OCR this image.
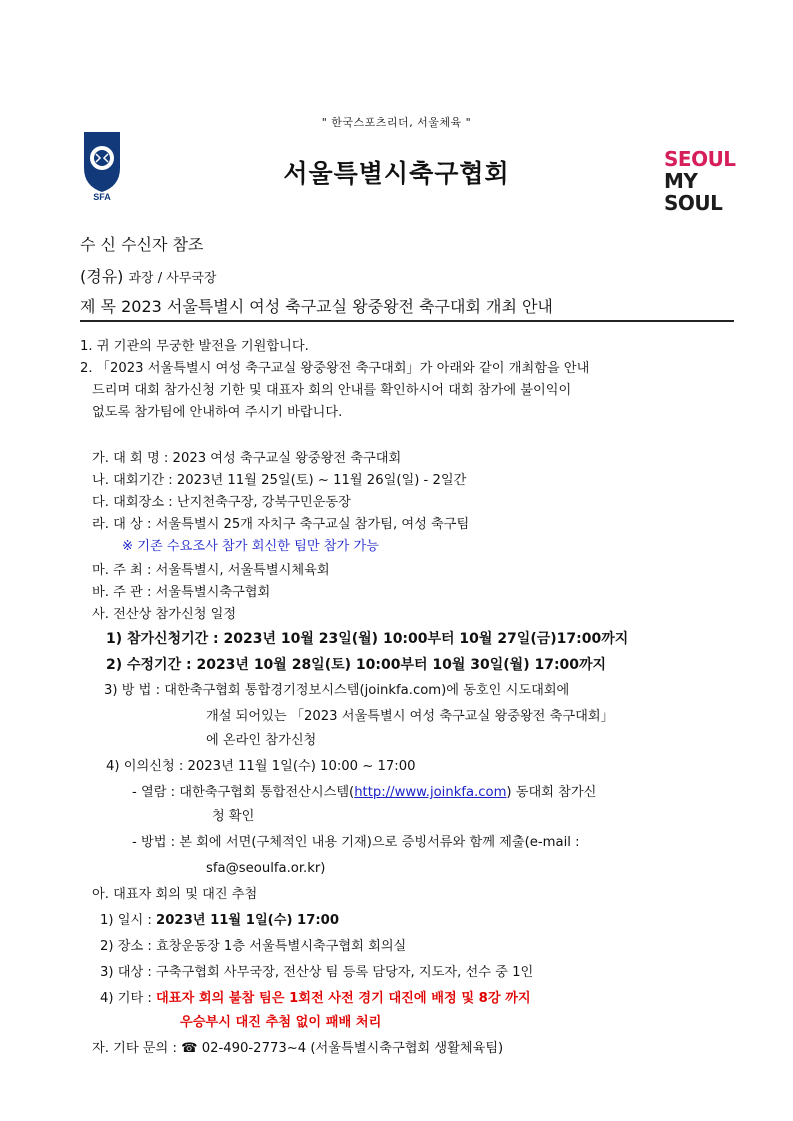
" 한국스포츠리더, 서울체육 "
SFA
서울특별시축구협회	SEOUL
MY SOUL
수 신 수신자 참조
(경유) 과장 / 사무국장
제 목 2023 서울특별시 여성 축구교실 왕중왕전 축구대회 개최 안내
1. 귀 기관의 무궁한 발전을 기원합니다.
2. 「2023 서울특별시 여성 축구교실 왕중왕전 축구대회」가 아래와 같이 개최함을 안내
드리며 대회 참가신청 기한 및 대표자 회의 안내를 확인하시어 대회 참가에 불이익이
없도록 참가팀에 안내하여 주시기 바랍니다.
가. 대 회 명 : 2023 여성 축구교실 왕중왕전 축구대회
나. 대회기간 : 2023년 11월 25일(토) ~ 11월 26일(일) - 2일간
다. 대회장소 : 난지천축구장, 강북구민운동장
라. 대 상 : 서울특별시 25개 자치구 축구교실 참가팀, 여성 축구팀
※ 기존 수요조사 참가 회신한 팀만 참가 가능
마. 주 최 : 서울특별시, 서울특별시체육회
바. 주 관 : 서울특별시축구협회
사. 전산상 참가신청 일정
1) 참가신청기간 : 2023년 10월 23일(월) 10:00부터 10월 27일(금)17:00까지
2) 수정기간 : 2023년 10월 28일(토) 10:00부터 10월 30일(월) 17:00까지
3) 방 법 : 대한축구협회 통합경기정보시스템(joinkfa.com)에 동호인 시도대회에
개설 되어있는 「2023 서울특별시 여성 축구교실 왕중왕전 축구대회」
에 온라인 참가신청
4) 이의신청 : 2023년 11월 1일(수) 10:00 ~ 17:00
- 열람 : 대한축구협회 통합전산시스템(http://www.joinkfa.com) 동대회 참가신
청 확인
- 방법 : 본 회에 서면(구체적인 내용 기재)으로 증빙서류와 함께 제출(e-mail :
sfa@seoulfa.or.kr)
아. 대표자 회의 및 대진 추첨
1) 일시 : 2023년 11월 1일(수) 17:00
2) 장소 : 효창운동장 1층 서울특별시축구협회 회의실
3) 대상 : 구축구협회 사무국장, 전산상 팀 등록 담당자, 지도자, 선수 중 1인
4) 기타 : 대표자 회의 불참 팀은 1회전 사전 경기 대진에 배정 및 8강 까지
우승부시 대진 추첨 없이 패배 처리
자. 기타 문의 : ☎ 02-490-2773~4 (서울특별시축구협회 생활체육팀)
